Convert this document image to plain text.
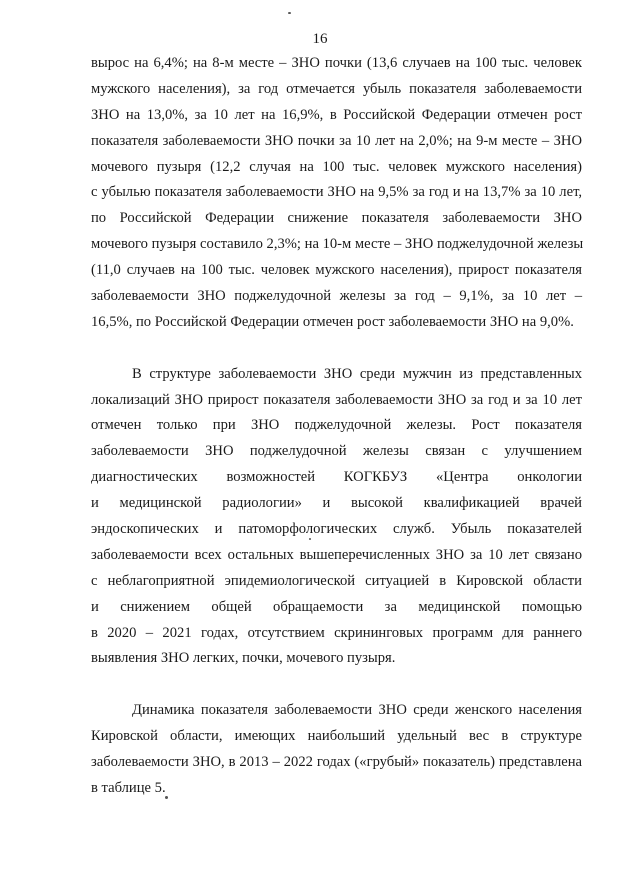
16
вырос на 6,4%; на 8-м месте – ЗНО почки (13,6 случаев на 100 тыс. человек
мужского населения), за год отмечается убыль показателя заболеваемости
ЗНО на 13,0%, за 10 лет на 16,9%, в Российской Федерации отмечен рост
показателя заболеваемости ЗНО почки за 10 лет на 2,0%; на 9-м месте – ЗНО
мочевого пузыря (12,2 случая на 100 тыс. человек мужского населения)
с убылью показателя заболеваемости ЗНО на 9,5% за год и на 13,7% за 10 лет,
по Российской Федерации снижение показателя заболеваемости ЗНО
мочевого пузыря составило 2,3%; на 10-м месте – ЗНО поджелудочной железы
(11,0 случаев на 100 тыс. человек мужского населения), прирост показателя
заболеваемости ЗНО поджелудочной железы за год – 9,1%, за 10 лет –
16,5%, по Российской Федерации отмечен рост заболеваемости ЗНО на 9,0%.
В структуре заболеваемости ЗНО среди мужчин из представленных
локализаций ЗНО прирост показателя заболеваемости ЗНО за год и за 10 лет
отмечен только при ЗНО поджелудочной железы. Рост показателя
заболеваемости ЗНО поджелудочной железы связан с улучшением
диагностических возможностей КОГКБУЗ «Центра онкологии
и медицинской радиологии» и высокой квалификацией врачей
эндоскопических и патоморфологических служб. Убыль показателей
заболеваемости всех остальных вышеперечисленных ЗНО за 10 лет связано
с неблагоприятной эпидемиологической ситуацией в Кировской области
и снижением общей обращаемости за медицинской помощью
в 2020 – 2021 годах, отсутствием скрининговых программ для раннего
выявления ЗНО легких, почки, мочевого пузыря.
Динамика показателя заболеваемости ЗНО среди женского населения
Кировской области, имеющих наибольший удельный вес в структуре
заболеваемости ЗНО, в 2013 – 2022 годах («грубый» показатель) представлена
в таблице 5.
